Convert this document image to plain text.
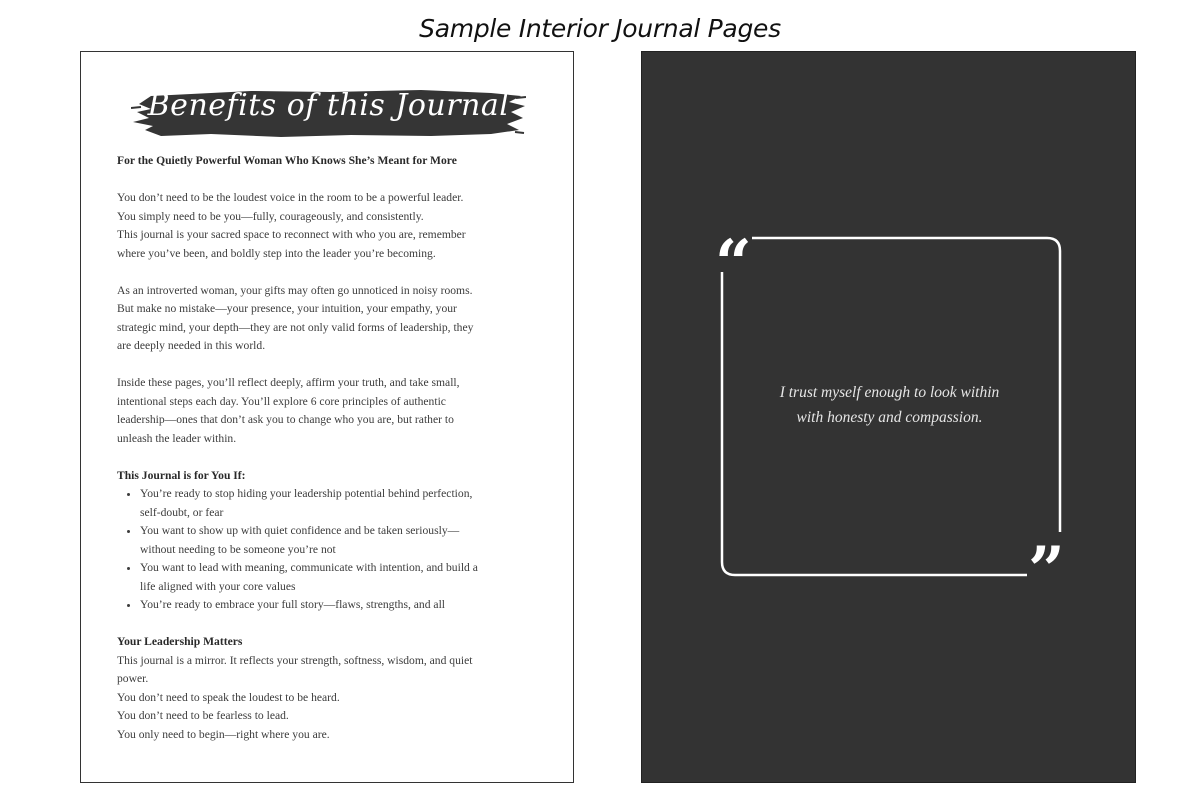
Sample Interior Journal Pages
Benefits of this Journal

For the Quietly Powerful Woman Who Knows She’s Meant for More

You don’t need to be the loudest voice in the room to be a powerful leader.
You simply need to be you—fully, courageously, and consistently.
This journal is your sacred space to reconnect with who you are, remember
where you’ve been, and boldly step into the leader you’re becoming.

As an introverted woman, your gifts may often go unnoticed in noisy rooms.
But make no mistake—your presence, your intuition, your empathy, your
strategic mind, your depth—they are not only valid forms of leadership, they
are deeply needed in this world.

Inside these pages, you’ll reflect deeply, affirm your truth, and take small,
intentional steps each day. You’ll explore 6 core principles of authentic
leadership—ones that don’t ask you to change who you are, but rather to
unleash the leader within.

This Journal is for You If:
• You’re ready to stop hiding your leadership potential behind perfection,
self-doubt, or fear
• You want to show up with quiet confidence and be taken seriously—
without needing to be someone you’re not
• You want to lead with meaning, communicate with intention, and build a
life aligned with your core values
• You’re ready to embrace your full story—flaws, strengths, and all
Your Leadership Matters
This journal is a mirror. It reflects your strength, softness, wisdom, and quiet
power.
You don’t need to speak the loudest to be heard.
You don’t need to be fearless to lead.
You only need to begin—right where you are.
“
”
I trust myself enough to look within
with honesty and compassion.
